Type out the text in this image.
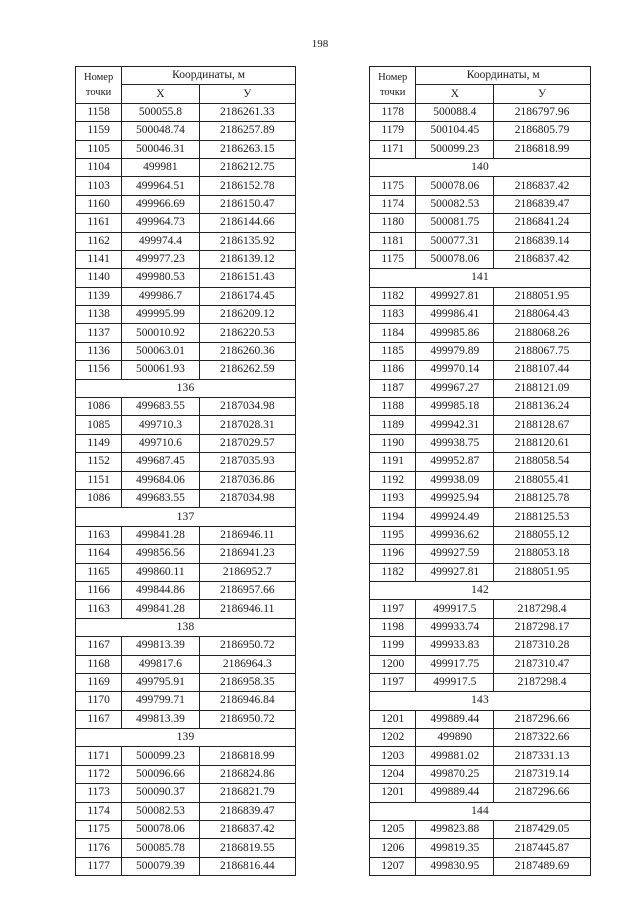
198
Номер
точки	Координаты, м	
	Х	У
1158	500055.8	2186261.33
1159	500048.74	2186257.89
1105	500046.31	2186263.15
1104	499981	2186212.75
1103	499964.51	2186152.78
1160	499966.69	2186150.47
1161	499964.73	2186144.66
1162	499974.4	2186135.92
1141	499977.23	2186139.12
1140	499980.53	2186151.43
1139	499986.7	2186174.45
1138	499995.99	2186209.12
1137	500010.92	2186220.53
1136	500063.01	2186260.36
1156	500061.93	2186262.59
136		
1086	499683.55	2187034.98
1085	499710.3	2187028.31
1149	499710.6	2187029.57
1152	499687.45	2187035.93
1151	499684.06	2187036.86
1086	499683.55	2187034.98
137		
1163	499841.28	2186946.11
1164	499856.56	2186941.23
1165	499860.11	2186952.7
1166	499844.86	2186957.66
1163	499841.28	2186946.11
138		
1167	499813.39	2186950.72
1168	499817.6	2186964.3
1169	499795.91	2186958.35
1170	499799.71	2186946.84
1167	499813.39	2186950.72
139		
1171	500099.23	2186818.99
1172	500096.66	2186824.86
1173	500090.37	2186821.79
1174	500082.53	2186839.47
1175	500078.06	2186837.42
1176	500085.78	2186819.55
1177	500079.39	2186816.44
Номер
точки	Координаты, м	
	Х	У
1178	500088.4	2186797.96
1179	500104.45	2186805.79
1171	500099.23	2186818.99
140		
1175	500078.06	2186837.42
1174	500082.53	2186839.47
1180	500081.75	2186841.24
1181	500077.31	2186839.14
1175	500078.06	2186837.42
141		
1182	499927.81	2188051.95
1183	499986.41	2188064.43
1184	499985.86	2188068.26
1185	499979.89	2188067.75
1186	499970.14	2188107.44
1187	499967.27	2188121.09
1188	499985.18	2188136.24
1189	499942.31	2188128.67
1190	499938.75	2188120.61
1191	499952.87	2188058.54
1192	499938.09	2188055.41
1193	499925.94	2188125.78
1194	499924.49	2188125.53
1195	499936.62	2188055.12
1196	499927.59	2188053.18
1182	499927.81	2188051.95
142		
1197	499917.5	2187298.4
1198	499933.74	2187298.17
1199	499933.83	2187310.28
1200	499917.75	2187310.47
1197	499917.5	2187298.4
143		
1201	499889.44	2187296.66
1202	499890	2187322.66
1203	499881.02	2187331.13
1204	499870.25	2187319.14
1201	499889.44	2187296.66
144		
1205	499823.88	2187429.05
1206	499819.35	2187445.87
1207	499830.95	2187489.69
